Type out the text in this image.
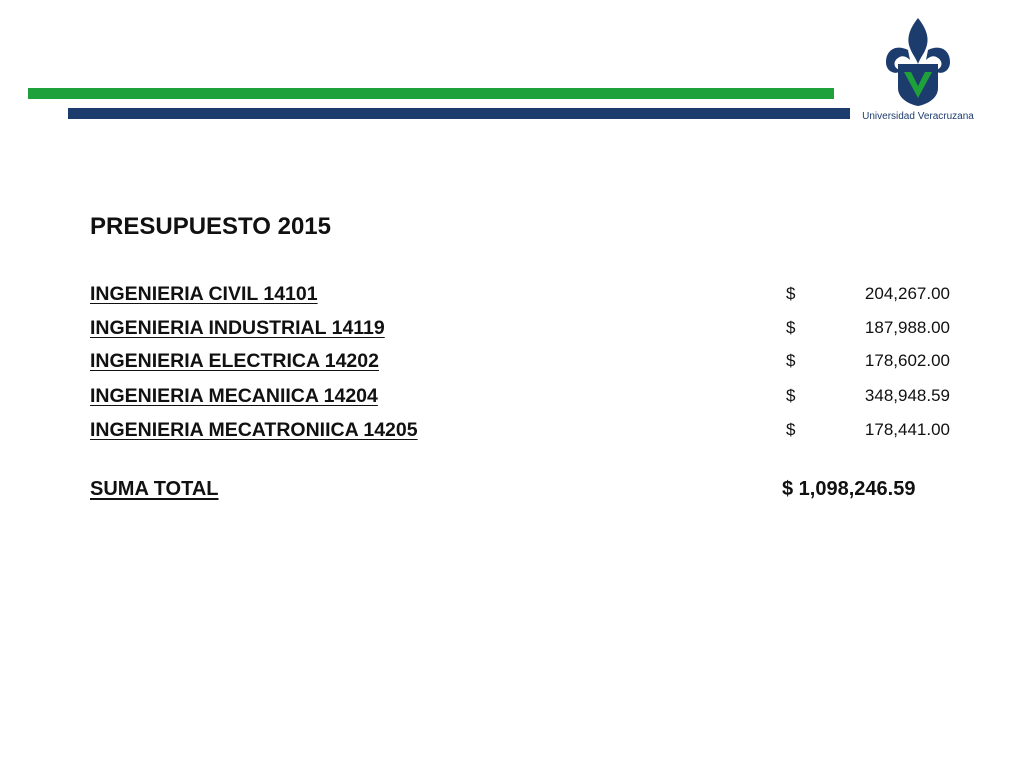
Universidad Veracruzana
PRESUPUESTO 2015
INGENIERIA CIVIL 14101	$	204,267.00
INGENIERIA INDUSTRIAL 14119	$	187,988.00
INGENIERIA ELECTRICA 14202	$	178,602.00
INGENIERIA MECANIICA 14204	$	348,948.59
INGENIERIA MECATRONIICA 14205	$	178,441.00
SUMA TOTAL	$ 1,098,246.59
